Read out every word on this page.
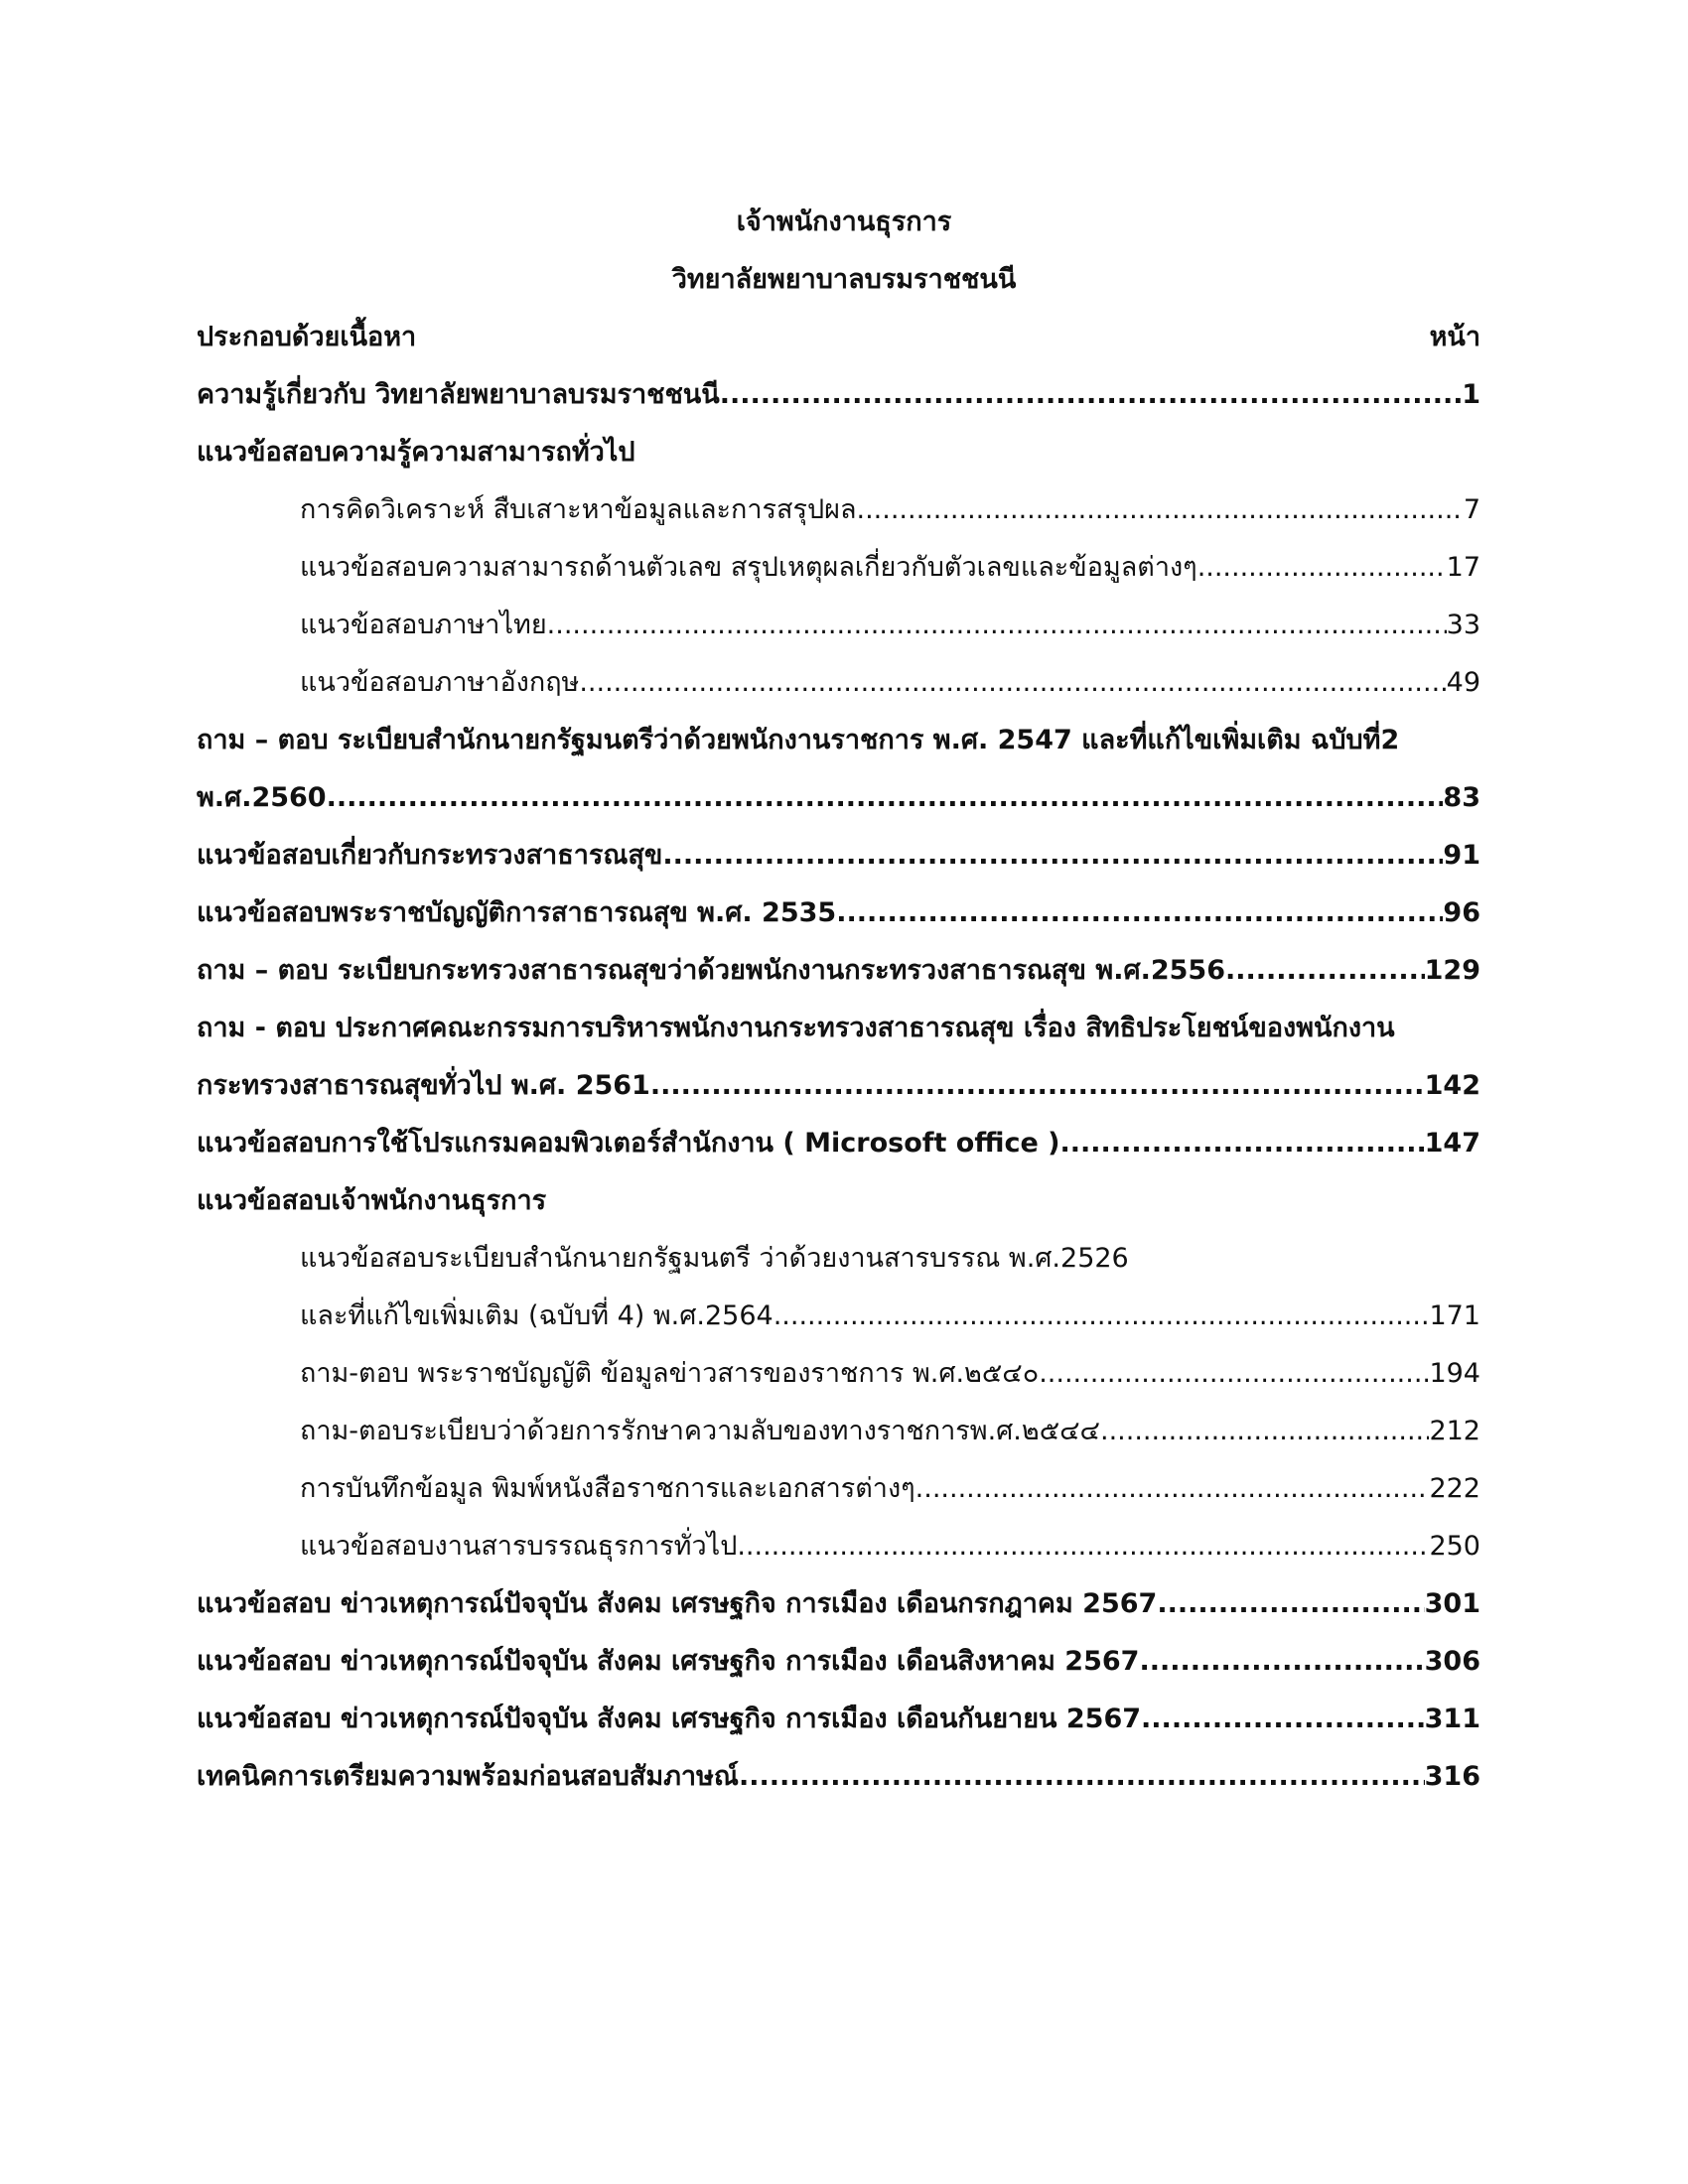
เจ้าพนักงานธุรการ
วิทยาลัยพยาบาลบรมราชชนนี
ประกอบด้วยเนื้อหา	หน้า
ความรู้เกี่ยวกับ วิทยาลัยพยาบาลบรมราชชนนี .....	1
แนวข้อสอบความรู้ความสามารถทั่วไป
การคิดวิเคราะห์ สืบเสาะหาข้อมูลและการสรุปผล .....	7
แนวข้อสอบความสามารถด้านตัวเลข สรุปเหตุผลเกี่ยวกับตัวเลขและข้อมูลต่างๆ .....	17
แนวข้อสอบภาษาไทย .....	33
แนวข้อสอบภาษาอังกฤษ .....	49
ถาม – ตอบ ระเบียบสำนักนายกรัฐมนตรีว่าด้วยพนักงานราชการ พ.ศ. 2547 และที่แก้ไขเพิ่มเติม ฉบับที่2
พ.ศ.2560 .....	83
แนวข้อสอบเกี่ยวกับกระทรวงสาธารณสุข .....	91
แนวข้อสอบพระราชบัญญัติการสาธารณสุข พ.ศ. 2535 .....	96
ถาม – ตอบ ระเบียบกระทรวงสาธารณสุขว่าด้วยพนักงานกระทรวงสาธารณสุข พ.ศ.2556 .....	129
ถาม - ตอบ ประกาศคณะกรรมการบริหารพนักงานกระทรวงสาธารณสุข เรื่อง สิทธิประโยชน์ของพนักงาน
กระทรวงสาธารณสุขทั่วไป พ.ศ. 2561 .....	142
แนวข้อสอบการใช้โปรแกรมคอมพิวเตอร์สำนักงาน ( Microsoft office ) .....	147
แนวข้อสอบเจ้าพนักงานธุรการ
แนวข้อสอบระเบียบสำนักนายกรัฐมนตรี ว่าด้วยงานสารบรรณ พ.ศ.2526
และที่แก้ไขเพิ่มเติม (ฉบับที่ 4) พ.ศ.2564 .....	171
ถาม-ตอบ พระราชบัญญัติ ข้อมูลข่าวสารของราชการ พ.ศ.๒๕๔๐ .....	194
ถาม-ตอบระเบียบว่าด้วยการรักษาความลับของทางราชการพ.ศ.๒๕๔๔ .....	212
การบันทึกข้อมูล พิมพ์หนังสือราชการและเอกสารต่างๆ .....	222
แนวข้อสอบงานสารบรรณธุรการทั่วไป .....	250
แนวข้อสอบ ข่าวเหตุการณ์ปัจจุบัน สังคม เศรษฐกิจ การเมือง เดือนกรกฎาคม 2567 .....	301
แนวข้อสอบ ข่าวเหตุการณ์ปัจจุบัน สังคม เศรษฐกิจ การเมือง เดือนสิงหาคม 2567 .....	306
แนวข้อสอบ ข่าวเหตุการณ์ปัจจุบัน สังคม เศรษฐกิจ การเมือง เดือนกันยายน 2567 .....	311
เทคนิคการเตรียมความพร้อมก่อนสอบสัมภาษณ์ .....	316
